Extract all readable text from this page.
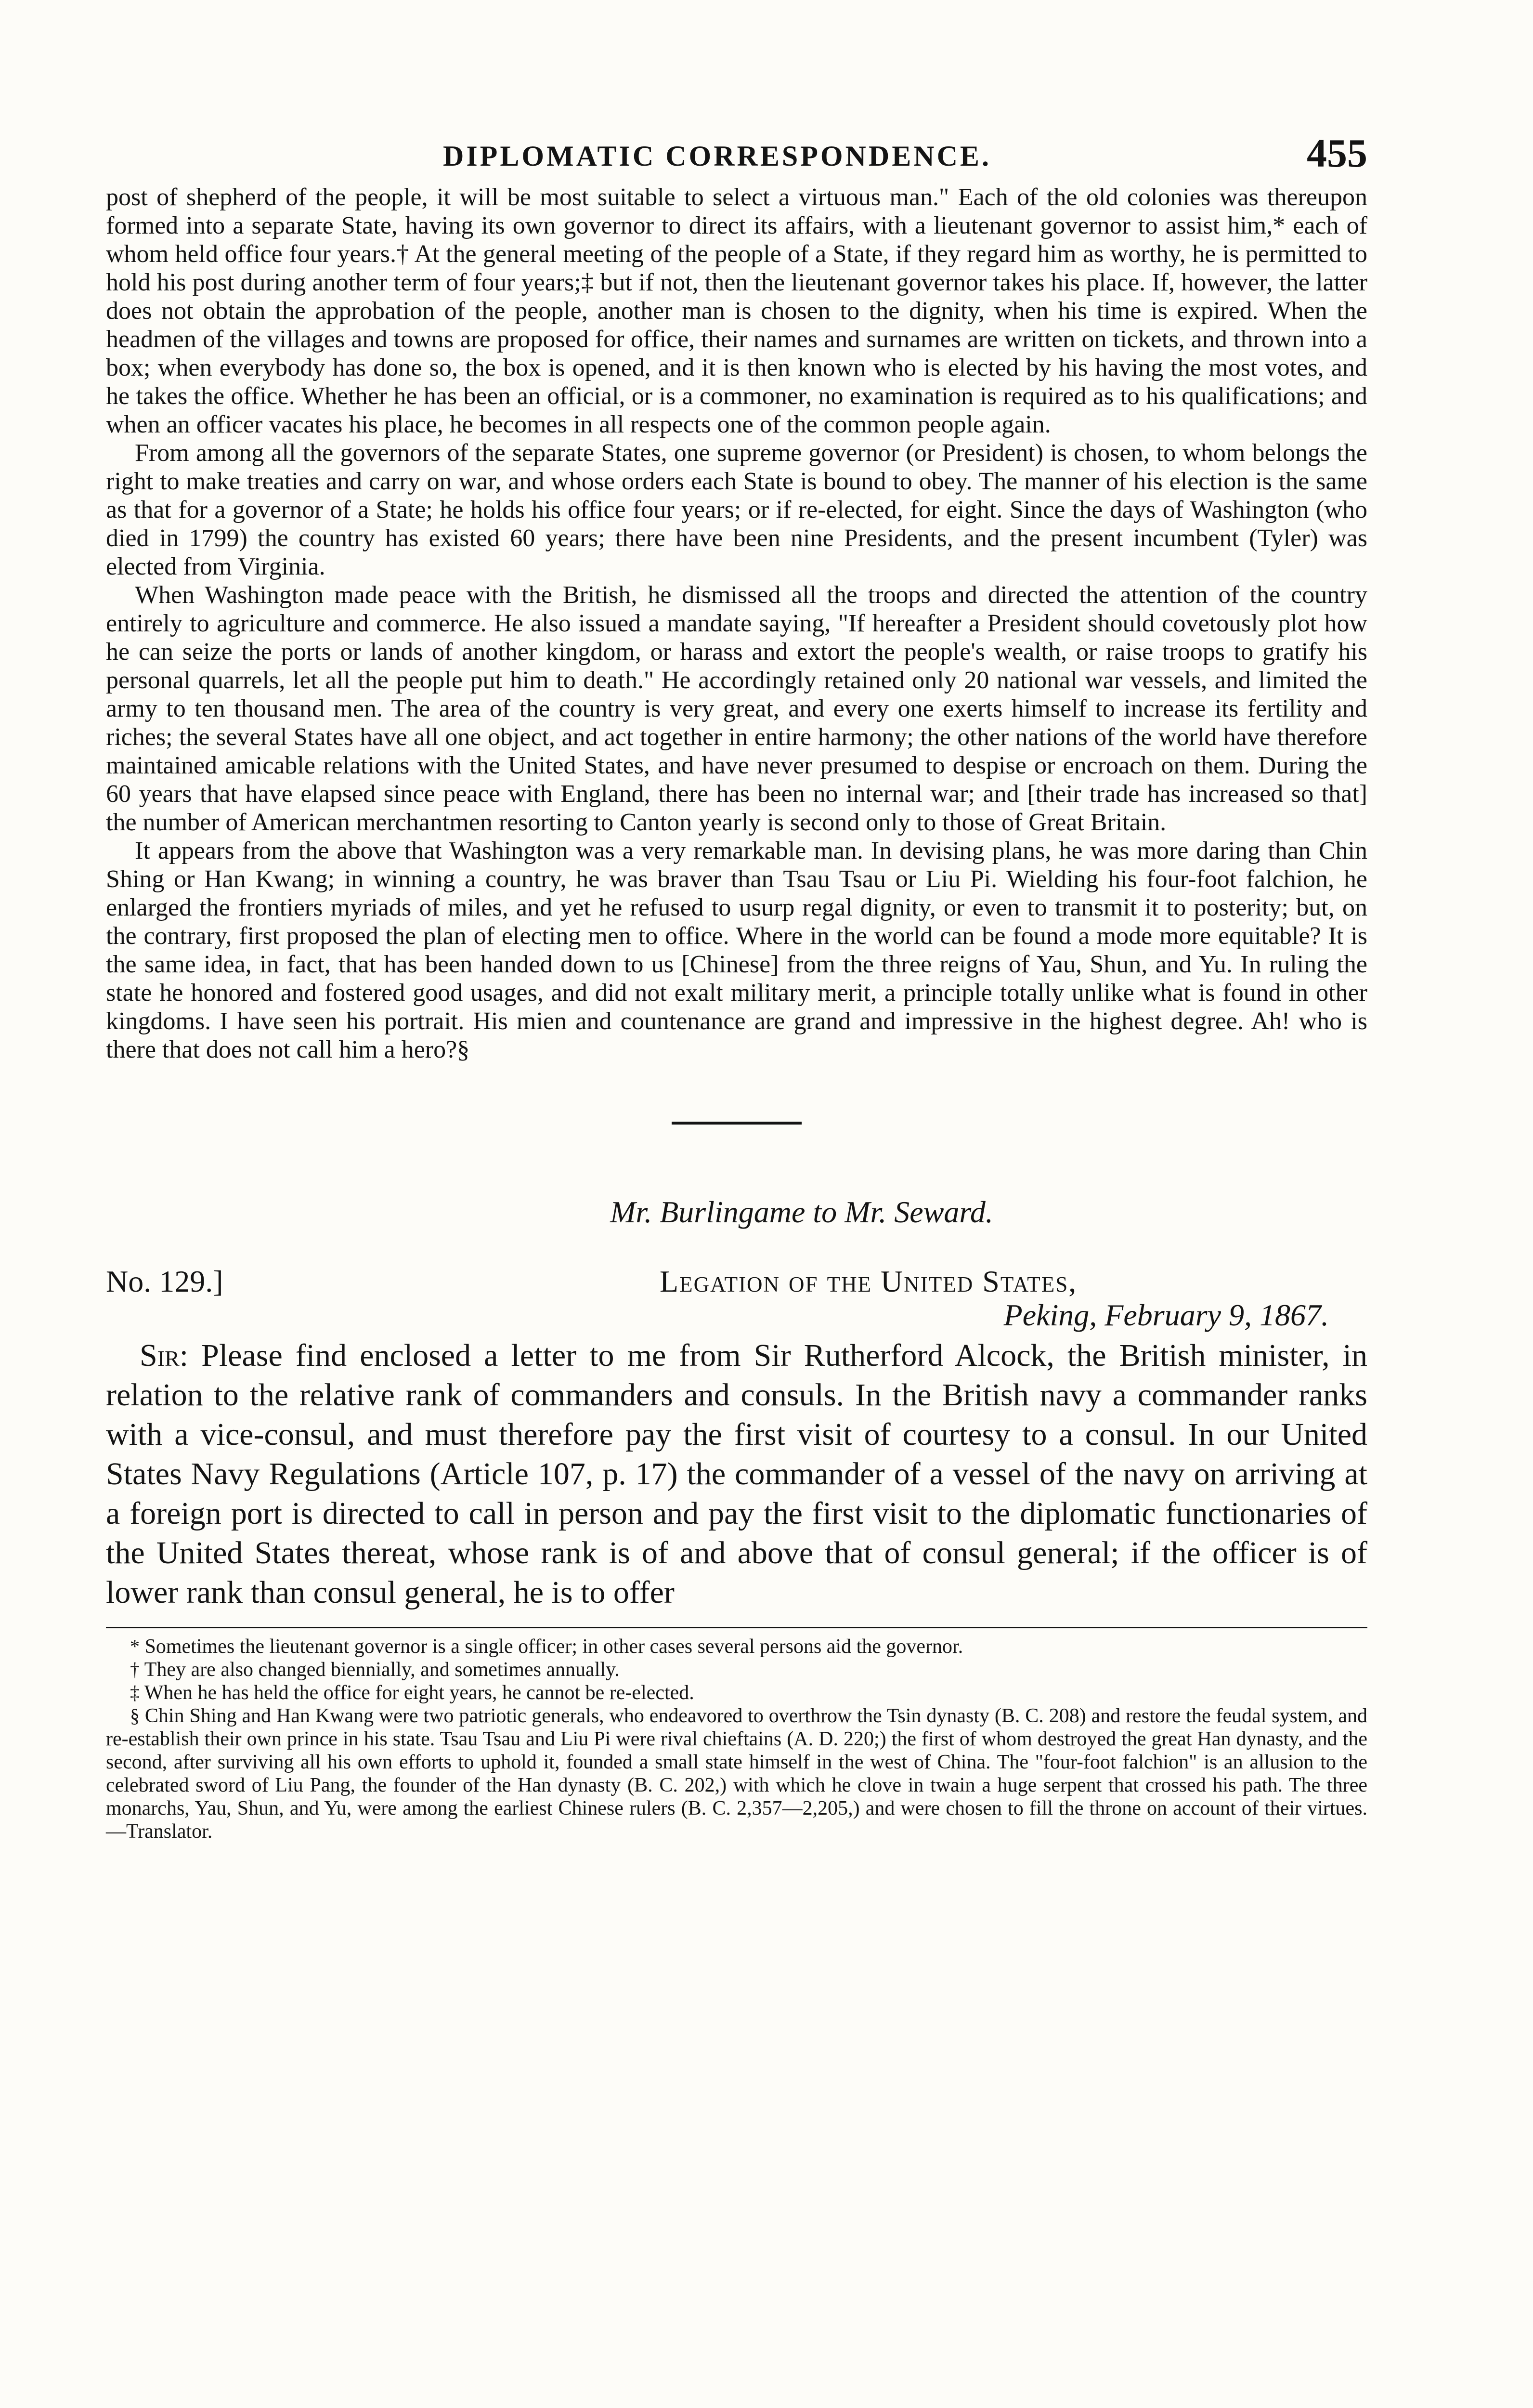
DIPLOMATIC CORRESPONDENCE.	455

post of shepherd of the people, it will be most suitable to select a virtuous man." Each of the old colonies was thereupon formed into a separate State, having its own governor to direct its affairs, with a lieutenant governor to assist him,* each of whom held office four years.† At the general meeting of the people of a State, if they regard him as worthy, he is permitted to hold his post during another term of four years;‡ but if not, then the lieutenant governor takes his place. If, however, the latter does not obtain the approbation of the people, another man is chosen to the dignity, when his time is expired. When the headmen of the villages and towns are proposed for office, their names and surnames are written on tickets, and thrown into a box; when everybody has done so, the box is opened, and it is then known who is elected by his having the most votes, and he takes the office. Whether he has been an official, or is a commoner, no examination is required as to his qualifications; and when an officer vacates his place, he becomes in all respects one of the common people again.

From among all the governors of the separate States, one supreme governor (or President) is chosen, to whom belongs the right to make treaties and carry on war, and whose orders each State is bound to obey. The manner of his election is the same as that for a governor of a State; he holds his office four years; or if re-elected, for eight. Since the days of Washington (who died in 1799) the country has existed 60 years; there have been nine Presidents, and the present incumbent (Tyler) was elected from Virginia.

When Washington made peace with the British, he dismissed all the troops and directed the attention of the country entirely to agriculture and commerce. He also issued a mandate saying, "If hereafter a President should covetously plot how he can seize the ports or lands of another kingdom, or harass and extort the people's wealth, or raise troops to gratify his personal quarrels, let all the people put him to death." He accordingly retained only 20 national war vessels, and limited the army to ten thousand men. The area of the country is very great, and every one exerts himself to increase its fertility and riches; the several States have all one object, and act together in entire harmony; the other nations of the world have therefore maintained amicable relations with the United States, and have never presumed to despise or encroach on them. During the 60 years that have elapsed since peace with England, there has been no internal war; and [their trade has increased so that] the number of American merchantmen resorting to Canton yearly is second only to those of Great Britain.

It appears from the above that Washington was a very remarkable man. In devising plans, he was more daring than Chin Shing or Han Kwang; in winning a country, he was braver than Tsau Tsau or Liu Pi. Wielding his four-foot falchion, he enlarged the frontiers myriads of miles, and yet he refused to usurp regal dignity, or even to transmit it to posterity; but, on the contrary, first proposed the plan of electing men to office. Where in the world can be found a mode more equitable? It is the same idea, in fact, that has been handed down to us [Chinese] from the three reigns of Yau, Shun, and Yu. In ruling the state he honored and fostered good usages, and did not exalt military merit, a principle totally unlike what is found in other kingdoms. I have seen his portrait. His mien and countenance are grand and impressive in the highest degree. Ah! who is there that does not call him a hero?§

Mr. Burlingame to Mr. Seward.
No. 129.]	Legation of the United States,
Peking, February 9, 1867.

Sir: Please find enclosed a letter to me from Sir Rutherford Alcock, the British minister, in relation to the relative rank of commanders and consuls. In the British navy a commander ranks with a vice-consul, and must therefore pay the first visit of courtesy to a consul. In our United States Navy Regulations (Article 107, p. 17) the commander of a vessel of the navy on arriving at a foreign port is directed to call in person and pay the first visit to the diplomatic functionaries of the United States thereat, whose rank is of and above that of consul general; if the officer is of lower rank than consul general, he is to offer

* Sometimes the lieutenant governor is a single officer; in other cases several persons aid the governor.

† They are also changed biennially, and sometimes annually.

‡ When he has held the office for eight years, he cannot be re-elected.

§ Chin Shing and Han Kwang were two patriotic generals, who endeavored to overthrow the Tsin dynasty (B. C. 208) and restore the feudal system, and re-establish their own prince in his state. Tsau Tsau and Liu Pi were rival chieftains (A. D. 220;) the first of whom destroyed the great Han dynasty, and the second, after surviving all his own efforts to uphold it, founded a small state himself in the west of China. The "four-foot falchion" is an allusion to the celebrated sword of Liu Pang, the founder of the Han dynasty (B. C. 202,) with which he clove in twain a huge serpent that crossed his path. The three monarchs, Yau, Shun, and Yu, were among the earliest Chinese rulers (B. C. 2,357—2,205,) and were chosen to fill the throne on account of their virtues.—Translator.
